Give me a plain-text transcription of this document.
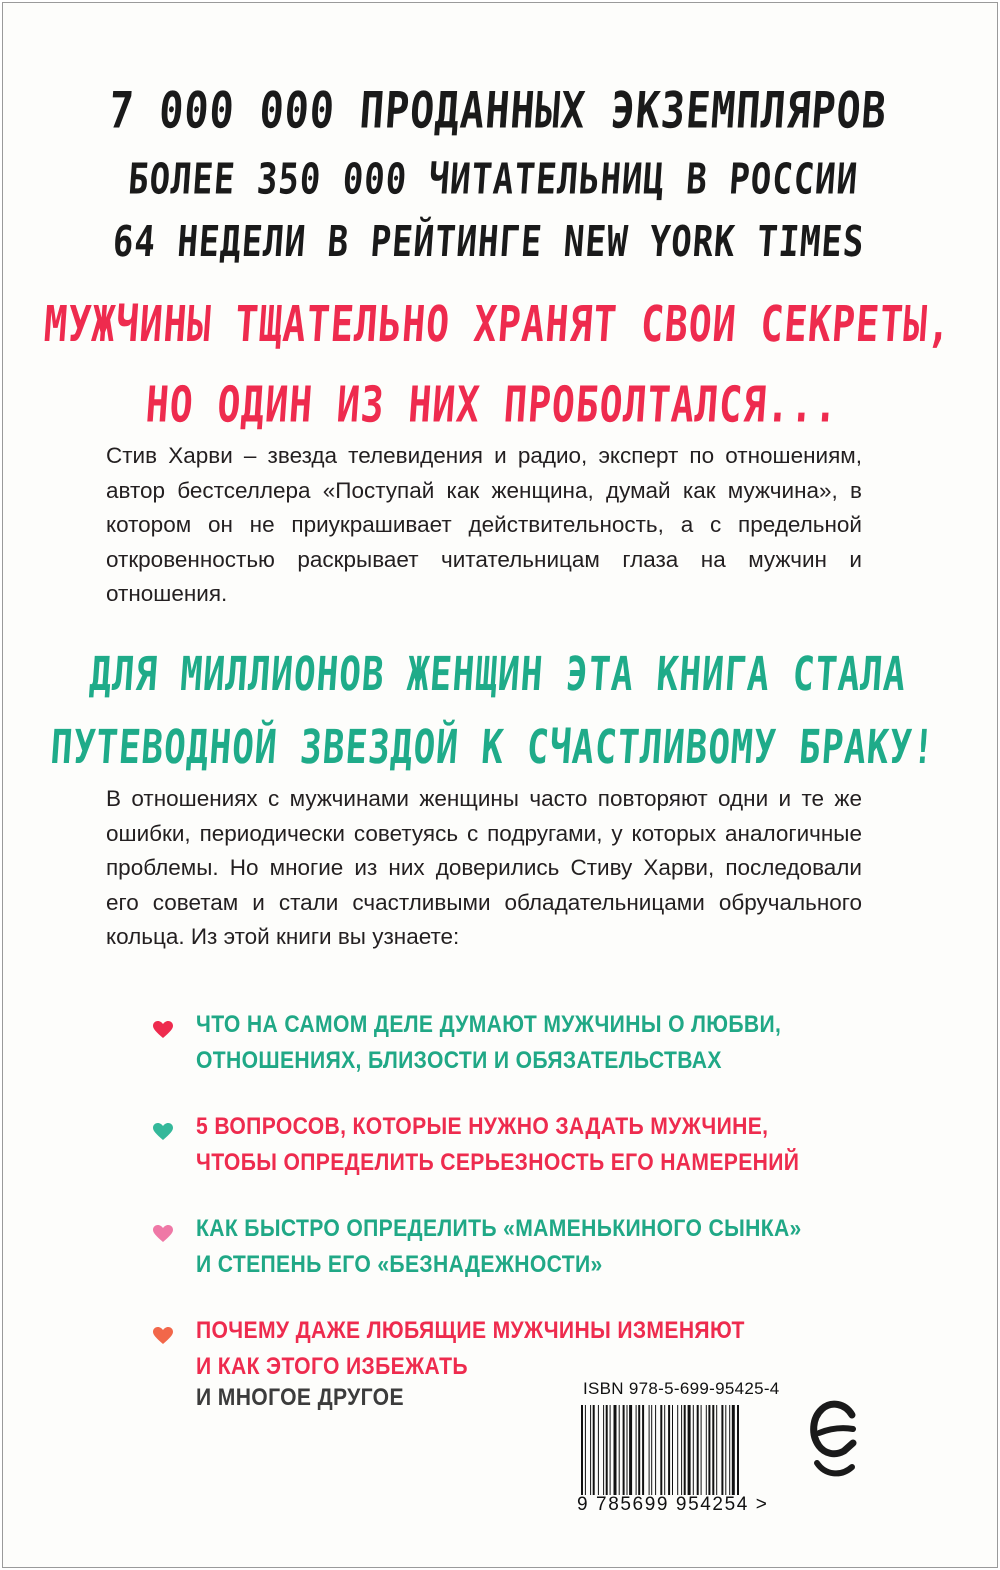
7 000 000 ПРОДАННЫХ ЭКЗЕМПЛЯРОВ
БОЛЕЕ 350 000 ЧИТАТЕЛЬНИЦ В РОССИИ
64 НЕДЕЛИ В РЕЙТИНГЕ NEW YORK TIMES
МУЖЧИНЫ ТЩАТЕЛЬНО ХРАНЯТ СВОИ СЕКРЕТЫ,
НО ОДИН ИЗ НИХ ПРОБОЛТАЛСЯ...
Стив Харви – звезда телевидения и радио, эксперт по отношениям, автор бестселлера «Поступай как женщина, думай как мужчина», в котором он не приукрашивает действительность, а с предельной откровенностью раскрывает читательницам глаза на мужчин и отношения.
ДЛЯ МИЛЛИОНОВ ЖЕНЩИН ЭТА КНИГА СТАЛА
ПУТЕВОДНОЙ ЗВЕЗДОЙ К СЧАСТЛИВОМУ БРАКУ!
В отношениях с мужчинами женщины часто повторяют одни и те же ошибки, периодически советуясь с подругами, у которых аналогичные проблемы. Но многие из них доверились Стиву Харви, последовали его советам и стали счастливыми обладательницами обручального кольца. Из этой книги вы узнаете:
ЧТО НА САМОМ ДЕЛЕ ДУМАЮТ МУЖЧИНЫ О ЛЮБВИ,
ОТНОШЕНИЯХ, БЛИЗОСТИ И ОБЯЗАТЕЛЬСТВАХ
5 ВОПРОСОВ, КОТОРЫЕ НУЖНО ЗАДАТЬ МУЖЧИНЕ,
ЧТОБЫ ОПРЕДЕЛИТЬ СЕРЬЕЗНОСТЬ ЕГО НАМЕРЕНИЙ
КАК БЫСТРО ОПРЕДЕЛИТЬ «МАМЕНЬКИНОГО СЫНКА»
И СТЕПЕНЬ ЕГО «БЕЗНАДЕЖНОСТИ»
ПОЧЕМУ ДАЖЕ ЛЮБЯЩИЕ МУЖЧИНЫ ИЗМЕНЯЮТ
И КАК ЭТОГО ИЗБЕЖАТЬ
И МНОГОЕ ДРУГОЕ	ISBN 978-5-699-95425-4
9 785699 954254 >
